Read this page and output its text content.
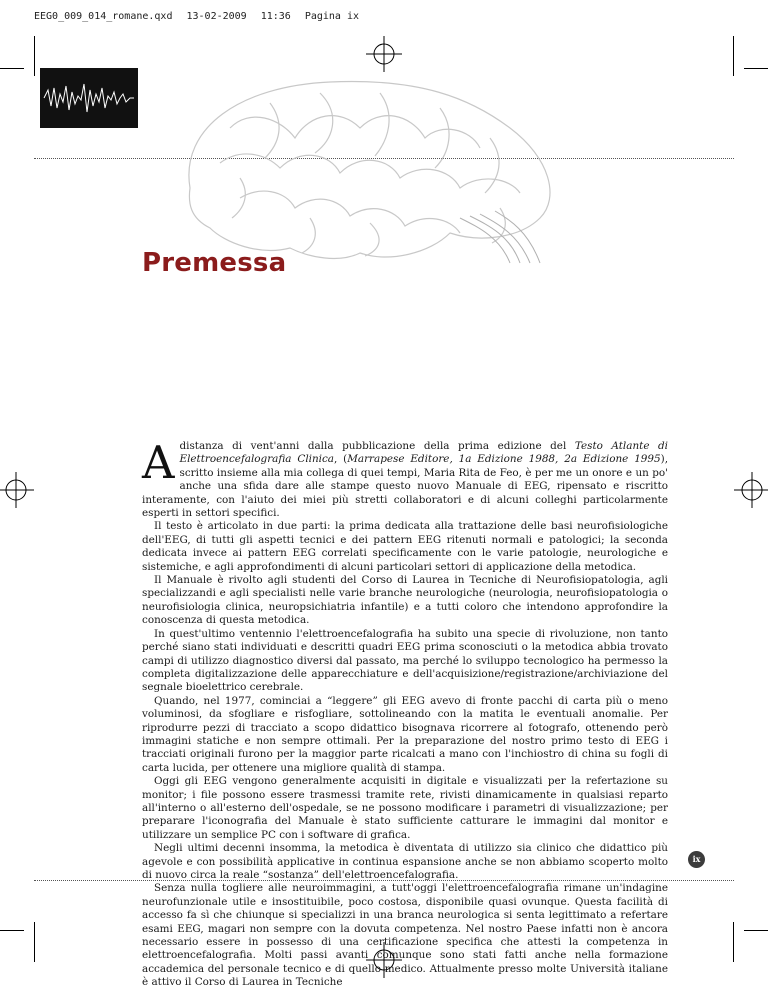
EEG0_009_014_romane.qxd 13-02-2009 11:36 Pagina ix
Premessa

Adistanza di vent'anni dalla pubblicazione della prima edizione del Testo Atlante di Elettroencefalografia Clinica, (Marrapese Editore, 1a Edizione 1988, 2a Edizione 1995), scritto insieme alla mia collega di quei tempi, Maria Rita de Feo, è per me un onore e un po' anche una sfida dare alle stampe questo nuovo Manuale di EEG, ripensato e riscritto interamente, con l'aiuto dei miei più stretti collaboratori e di alcuni colleghi particolarmente esperti in settori specifici.

Il testo è articolato in due parti: la prima dedicata alla trattazione delle basi neurofisiologiche dell'EEG, di tutti gli aspetti tecnici e dei pattern EEG ritenuti normali e patologici; la seconda dedicata invece ai pattern EEG correlati specificamente con le varie patologie, neurologiche e sistemiche, e agli approfondimenti di alcuni particolari settori di applicazione della metodica.

Il Manuale è rivolto agli studenti del Corso di Laurea in Tecniche di Neurofisiopatologia, agli specializzandi e agli specialisti nelle varie branche neurologiche (neurologia, neurofisiopatologia o neurofisiologia clinica, neuropsichiatria infantile) e a tutti coloro che intendono approfondire la conoscenza di questa metodica.

In quest'ultimo ventennio l'elettroencefalografia ha subito una specie di rivoluzione, non tanto perché siano stati individuati e descritti quadri EEG prima sconosciuti o la metodica abbia trovato campi di utilizzo diagnostico diversi dal passato, ma perché lo sviluppo tecnologico ha permesso la completa digitalizzazione delle apparecchiature e dell'acquisizione/registrazione/archiviazione del segnale bioelettrico cerebrale.

Quando, nel 1977, cominciai a “leggere” gli EEG avevo di fronte pacchi di carta più o meno voluminosi, da sfogliare e risfogliare, sottolineando con la matita le eventuali anomalie. Per riprodurre pezzi di tracciato a scopo didattico bisognava ricorrere al fotografo, ottenendo però immagini statiche e non sempre ottimali. Per la preparazione del nostro primo testo di EEG i tracciati originali furono per la maggior parte ricalcati a mano con l'inchiostro di china su fogli di carta lucida, per ottenere una migliore qualità di stampa.

Oggi gli EEG vengono generalmente acquisiti in digitale e visualizzati per la refertazione su monitor; i file possono essere trasmessi tramite rete, rivisti dinamicamente in qualsiasi reparto all'interno o all'esterno dell'ospedale, se ne possono modificare i parametri di visualizzazione; per preparare l'iconografia del Manuale è stato sufficiente catturare le immagini dal monitor e utilizzare un semplice PC con i software di grafica.

Negli ultimi decenni insomma, la metodica è diventata di utilizzo sia clinico che didattico più agevole e con possibilità applicative in continua espansione anche se non abbiamo scoperto molto di nuovo circa la reale “sostanza” dell'elettroencefalografia.

Senza nulla togliere alle neuroimmagini, a tutt'oggi l'elettroencefalografia rimane un'indagine neurofunzionale utile e insostituibile, poco costosa, disponibile quasi ovunque. Questa facilità di accesso fa sì che chiunque si specializzi in una branca neurologica si senta legittimato a refertare esami EEG, magari non sempre con la dovuta competenza. Nel nostro Paese infatti non è ancora necessario essere in possesso di una certificazione specifica che attesti la competenza in elettroencefalografia. Molti passi avanti comunque sono stati fatti anche nella formazione accademica del personale tecnico e di quello medico. Attualmente presso molte Università italiane è attivo il Corso di Laurea in Tecniche

ix
